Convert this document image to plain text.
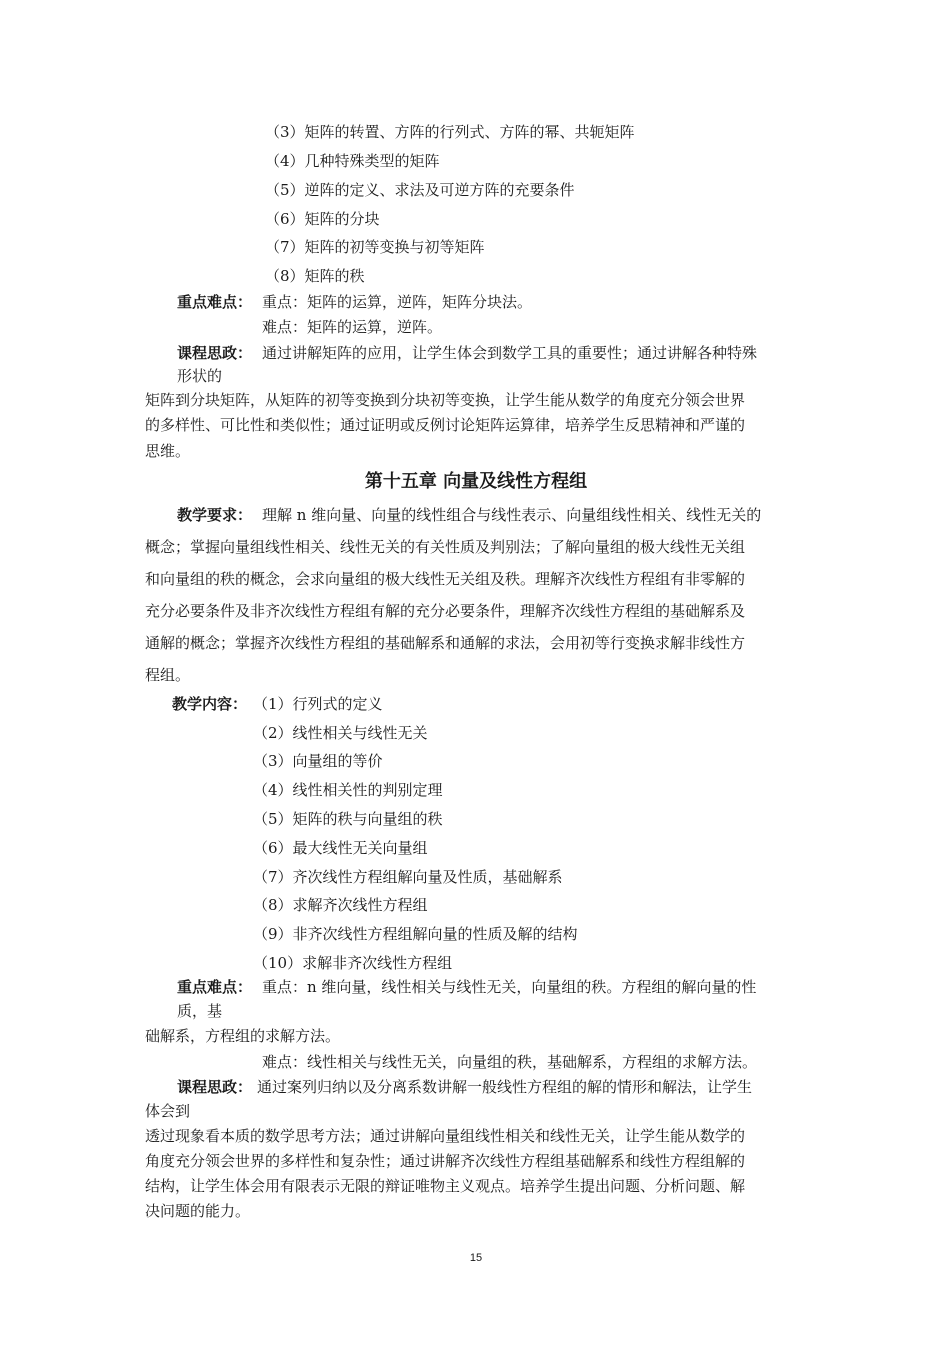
（3）矩阵的转置、方阵的行列式、方阵的幂、共轭矩阵
（4）几种特殊类型的矩阵
（5）逆阵的定义、求法及可逆方阵的充要条件
（6）矩阵的分块
（7）矩阵的初等变换与初等矩阵
（8）矩阵的秩
重点难点： 重点：矩阵的运算，逆阵，矩阵分块法。
难点：矩阵的运算，逆阵。
课程思政： 通过讲解矩阵的应用，让学生体会到数学工具的重要性；通过讲解各种特殊
形状的
矩阵到分块矩阵，从矩阵的初等变换到分块初等变换，让学生能从数学的角度充分领会世界
的多样性、可比性和类似性；通过证明或反例讨论矩阵运算律，培养学生反思精神和严谨的
思维。
第十五章 向量及线性方程组
教学要求： 理解 n 维向量、向量的线性组合与线性表示、向量组线性相关、线性无关的
概念；掌握向量组线性相关、线性无关的有关性质及判别法；了解向量组的极大线性无关组
和向量组的秩的概念，会求向量组的极大线性无关组及秩。理解齐次线性方程组有非零解的
充分必要条件及非齐次线性方程组有解的充分必要条件，理解齐次线性方程组的基础解系及
通解的概念；掌握齐次线性方程组的基础解系和通解的求法，会用初等行变换求解非线性方
程组。
教学内容： （1）行列式的定义
（2）线性相关与线性无关
（3）向量组的等价
（4）线性相关性的判别定理
（5）矩阵的秩与向量组的秩
（6）最大线性无关向量组
（7）齐次线性方程组解向量及性质，基础解系
（8）求解齐次线性方程组
（9）非齐次线性方程组解向量的性质及解的结构
（10）求解非齐次线性方程组
重点难点： 重点：n 维向量，线性相关与线性无关，向量组的秩。方程组的解向量的性
质，基
础解系，方程组的求解方法。
难点：线性相关与线性无关，向量组的秩，基础解系，方程组的求解方法。
课程思政： 通过案列归纳以及分离系数讲解一般线性方程组的解的情形和解法，让学生
体会到
透过现象看本质的数学思考方法；通过讲解向量组线性相关和线性无关，让学生能从数学的
角度充分领会世界的多样性和复杂性；通过讲解齐次线性方程组基础解系和线性方程组解的
结构，让学生体会用有限表示无限的辩证唯物主义观点。培养学生提出问题、分析问题、解
决问题的能力。
15
